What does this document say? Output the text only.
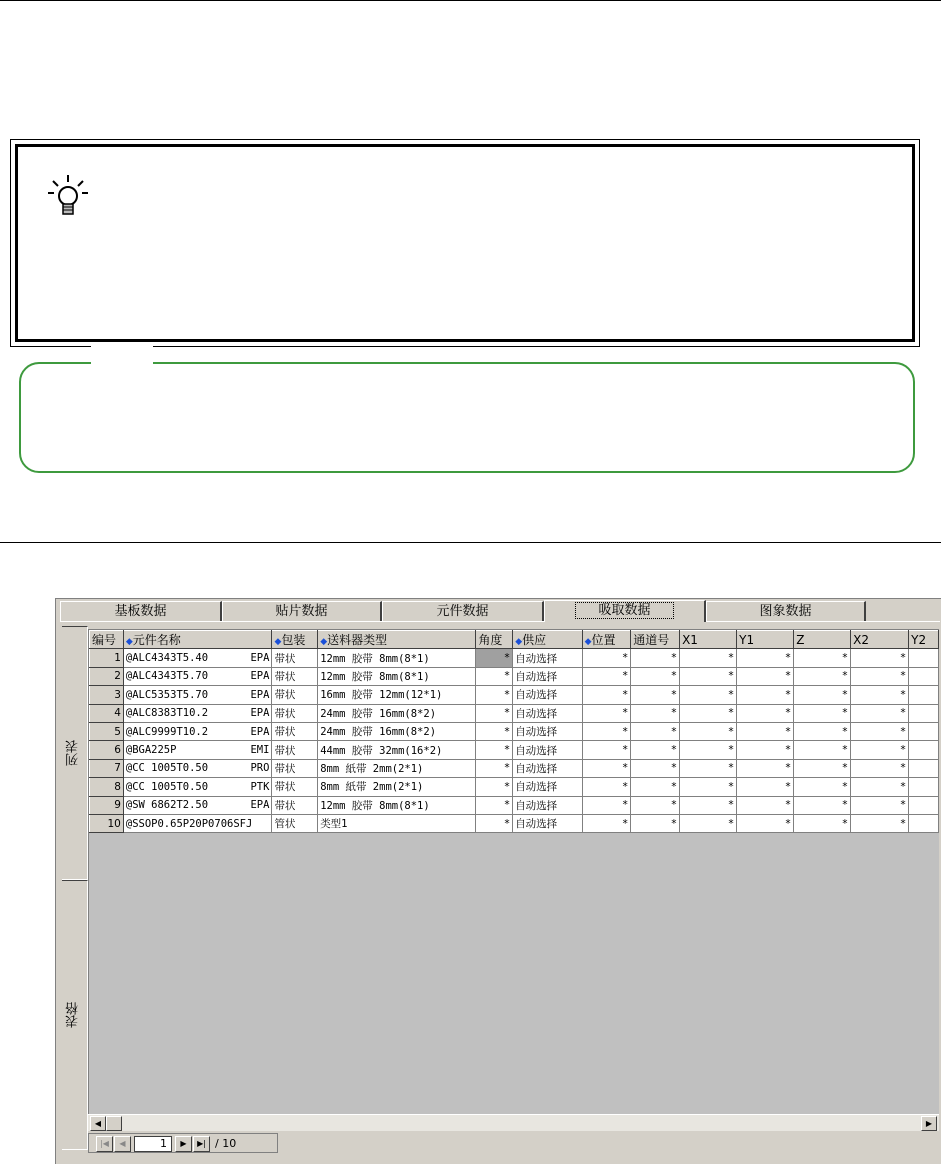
基板数据	贴片数据	元件数据	吸取数据	图象数据
列表
表格
编号	◆元件名称	◆包装	◆送料器类型	角度	◆供应	◆位置	通道号	X1	Y1	Z	X2	Y2
1	@ALC4343T5.40 EPA	带状	12mm 胶带 8mm(8*1)	*	自动选择	*	*	*	*	*	*	
2	@ALC4343T5.70 EPA	带状	12mm 胶带 8mm(8*1)	*	自动选择	*	*	*	*	*	*	
3	@ALC5353T5.70 EPA	带状	16mm 胶带 12mm(12*1)	*	自动选择	*	*	*	*	*	*	
4	@ALC8383T10.2 EPA	带状	24mm 胶带 16mm(8*2)	*	自动选择	*	*	*	*	*	*	
5	@ALC9999T10.2 EPA	带状	24mm 胶带 16mm(8*2)	*	自动选择	*	*	*	*	*	*	
6	@BGA225P EMI	带状	44mm 胶带 32mm(16*2)	*	自动选择	*	*	*	*	*	*	
7	@CC 1005T0.50 PRO	带状	8mm 紙带 2mm(2*1)	*	自动选择	*	*	*	*	*	*	
8	@CC 1005T0.50 PTK	带状	8mm 紙带 2mm(2*1)	*	自动选择	*	*	*	*	*	*	
9	@SW 6862T2.50 EPA	带状	12mm 胶带 8mm(8*1)	*	自动选择	*	*	*	*	*	*	
10	@SSOP0.65P20P0706SFJ	管状	类型1	*	自动选择	*	*	*	*	*	*	
◀	▶
|◀	◀	1	▶	▶| / 10
